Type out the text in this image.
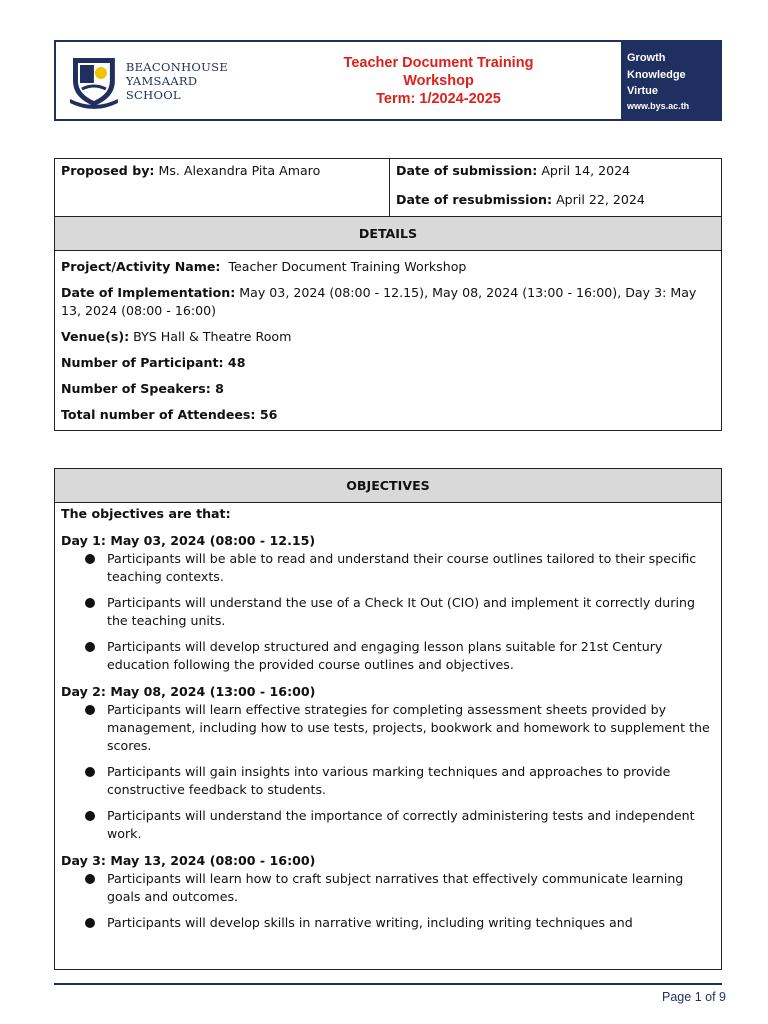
BEACONHOUSE
YAMSAARD SCHOOL
Teacher Document Training
Workshop
Term: 1/2024-2025
Growth
Knowledge
Virtue
www.bys.ac.th

Proposed by: Ms. Alexandra Pita Amaro	Date of submission: April 14, 2024

Date of resubmission: April 22, 2024

DETAILS

Project/Activity Name: Teacher Document Training Workshop

Date of Implementation: May 03, 2024 (08:00 - 12.15), May 08, 2024 (13:00 - 16:00), Day 3: May 13, 2024 (08:00 - 16:00)

Venue(s): BYS Hall & Theatre Room

Number of Participant: 48

Number of Speakers: 8

Total number of Attendees: 56

OBJECTIVES

The objectives are that:
Day 1: May 03, 2024 (08:00 - 12.15)
Participants will be able to read and understand their course outlines tailored to their specific teaching contexts.
Participants will understand the use of a Check It Out (CIO) and implement it correctly during the teaching units.
Participants will develop structured and engaging lesson plans suitable for 21st Century education following the provided course outlines and objectives.
Day 2: May 08, 2024 (13:00 - 16:00)
Participants will learn effective strategies for completing assessment sheets provided by management, including how to use tests, projects, bookwork and homework to supplement the scores.
Participants will gain insights into various marking techniques and approaches to provide constructive feedback to students.
Participants will understand the importance of correctly administering tests and independent work.
Day 3: May 13, 2024 (08:00 - 16:00)
Participants will learn how to craft subject narratives that effectively communicate learning goals and outcomes.
Participants will develop skills in narrative writing, including writing techniques and
Page 1 of 9
